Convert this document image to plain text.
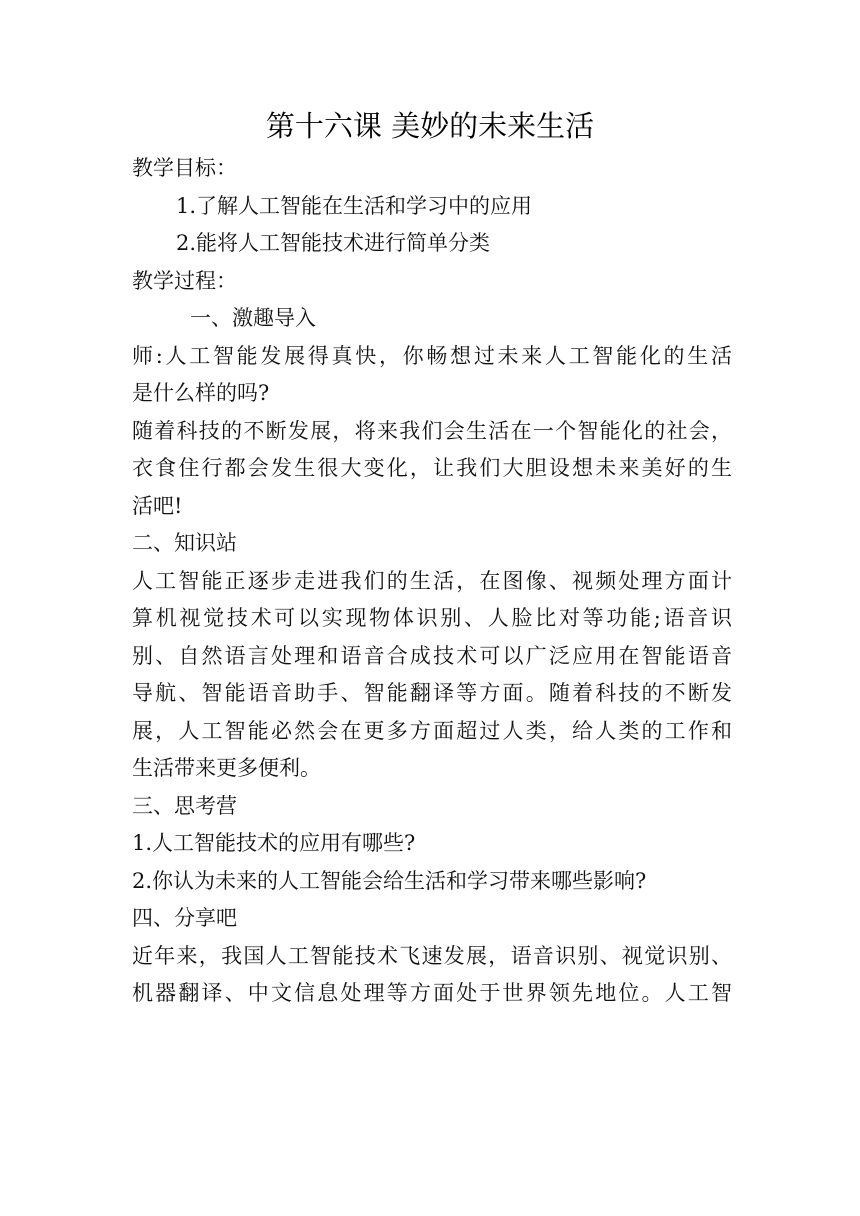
第十六课 美妙的未来生活
教学目标：
1.了解人工智能在生活和学习中的应用
2.能将人工智能技术进行简单分类
教学过程：
一、激趣导入
师:人工智能发展得真快，你畅想过未来人工智能化的生活
是什么样的吗?
随着科技的不断发展，将来我们会生活在一个智能化的社会，
衣食住行都会发生很大变化，让我们大胆设想未来美好的生
活吧!
二、知识站
人工智能正逐步走进我们的生活，在图像、视频处理方面计
算机视觉技术可以实现物体识别、人脸比对等功能;语音识
别、自然语言处理和语音合成技术可以广泛应用在智能语音
导航、智能语音助手、智能翻译等方面。随着科技的不断发
展，人工智能必然会在更多方面超过人类，给人类的工作和
生活带来更多便利。
三、思考营
1.人工智能技术的应用有哪些?
2.你认为未来的人工智能会给生活和学习带来哪些影响?
四、分享吧
近年来，我国人工智能技术飞速发展，语音识别、视觉识别、
机器翻译、中文信息处理等方面处于世界领先地位。人工智
